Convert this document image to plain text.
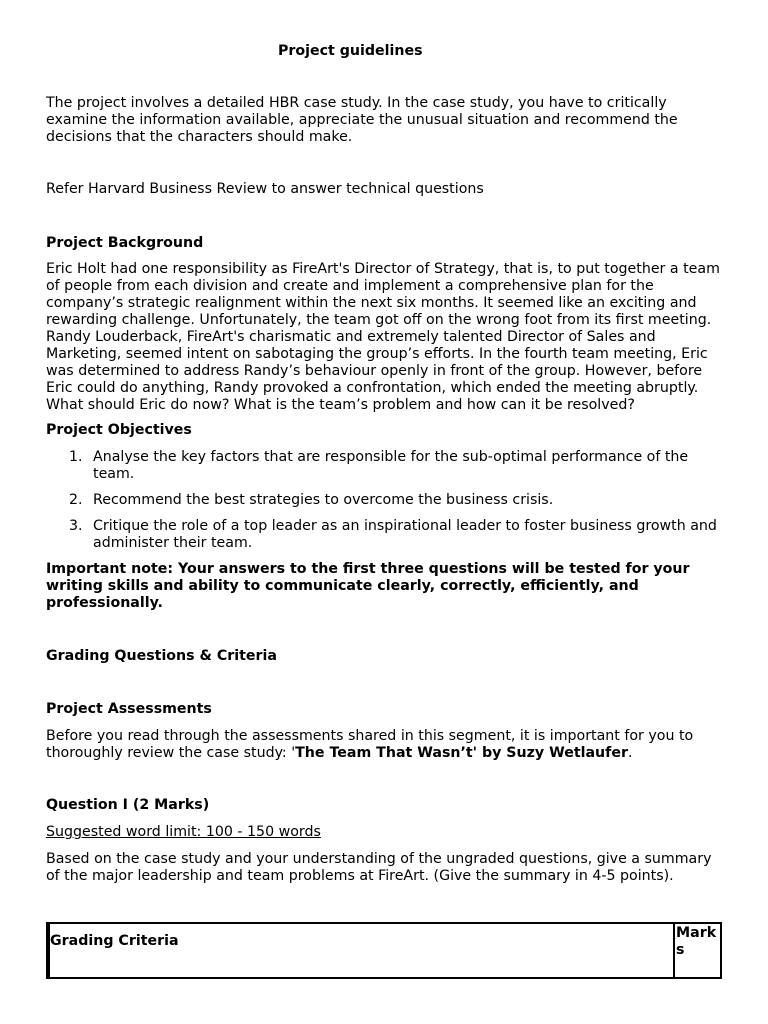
Project guidelines

The project involves a detailed HBR case study. In the case study, you have to critically examine the information available, appreciate the unusual situation and recommend the decisions that the characters should make.

Refer Harvard Business Review to answer technical questions

Project Background

Eric Holt had one responsibility as FireArt's Director of Strategy, that is, to put together a team of people from each division and create and implement a comprehensive plan for the company’s strategic realignment within the next six months. It seemed like an exciting and rewarding challenge. Unfortunately, the team got off on the wrong foot from its first meeting. Randy Louderback, FireArt's charismatic and extremely talented Director of Sales and Marketing, seemed intent on sabotaging the group’s efforts. In the fourth team meeting, Eric was determined to address Randy’s behaviour openly in front of the group. However, before Eric could do anything, Randy provoked a confrontation, which ended the meeting abruptly. What should Eric do now? What is the team’s problem and how can it be resolved?

Project Objectives

1. Analyse the key factors that are responsible for the sub-optimal performance of the team.
2. Recommend the best strategies to overcome the business crisis.
3. Critique the role of a top leader as an inspirational leader to foster business growth and administer their team.

Important note: Your answers to the first three questions will be tested for your writing skills and ability to communicate clearly, correctly, efficiently, and professionally.

Grading Questions & Criteria

Project Assessments

Before you read through the assessments shared in this segment, it is important for you to thoroughly review the case study: 'The Team That Wasn’t' by Suzy Wetlaufer.

Question I (2 Marks)

Suggested word limit: 100 - 150 words

Based on the case study and your understanding of the ungraded questions, give a summary of the major leadership and team problems at FireArt. (Give the summary in 4-5 points).

Grading Criteria	Marks
